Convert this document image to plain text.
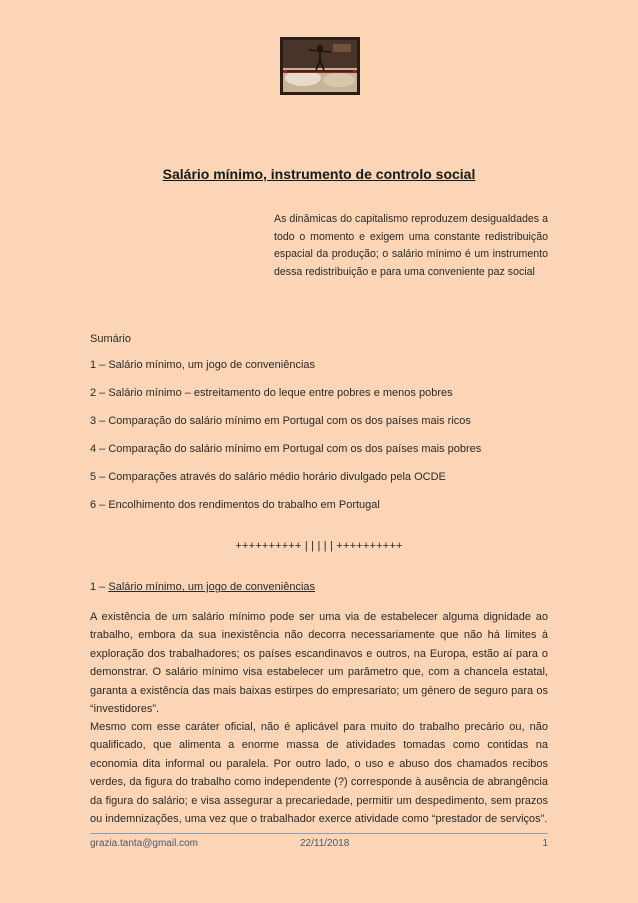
Salário mínimo, instrumento de controlo social

As dinâmicas do capitalismo reproduzem desigualdades a todo o momento e exigem uma constante redistribuição espacial da produção; o salário mínimo é um instrumento dessa redistribuição e para uma conveniente paz social

Sumário
1 – Salário mínimo, um jogo de conveniências
2 – Salário mínimo – estreitamento do leque entre pobres e menos pobres
3 – Comparação do salário mínimo em Portugal com os dos países mais ricos
4 – Comparação do salário mínimo em Portugal com os dos países mais pobres
5 – Comparações através do salário médio horário divulgado pela OCDE
6 – Encolhimento dos rendimentos do trabalho em Portugal
++++++++++ | | | | | ++++++++++
1 – Salário mínimo, um jogo de conveniências

A existência de um salário mínimo pode ser uma via de estabelecer alguma dignidade ao trabalho, embora da sua inexistência não decorra necessariamente que não há limites à exploração dos trabalhadores; os países escandinavos e outros, na Europa, estão aí para o demonstrar. O salário mínimo visa estabelecer um parâmetro que, com a chancela estatal, garanta a existência das mais baixas estirpes do empresariato; um género de seguro para os “investidores”.

Mesmo com esse caráter oficial, não é aplicável para muito do trabalho precário ou, não qualificado, que alimenta a enorme massa de atividades tomadas como contidas na economia dita informal ou paralela. Por outro lado, o uso e abuso dos chamados recibos verdes, da figura do trabalho como independente (?) corresponde à ausência de abrangência da figura do salário; e visa assegurar a precariedade, permitir um despedimento, sem prazos ou indemnizações, uma vez que o trabalhador exerce atividade como “prestador de serviços”.

grazia.tanta@gmail.com	22/11/2018	1
